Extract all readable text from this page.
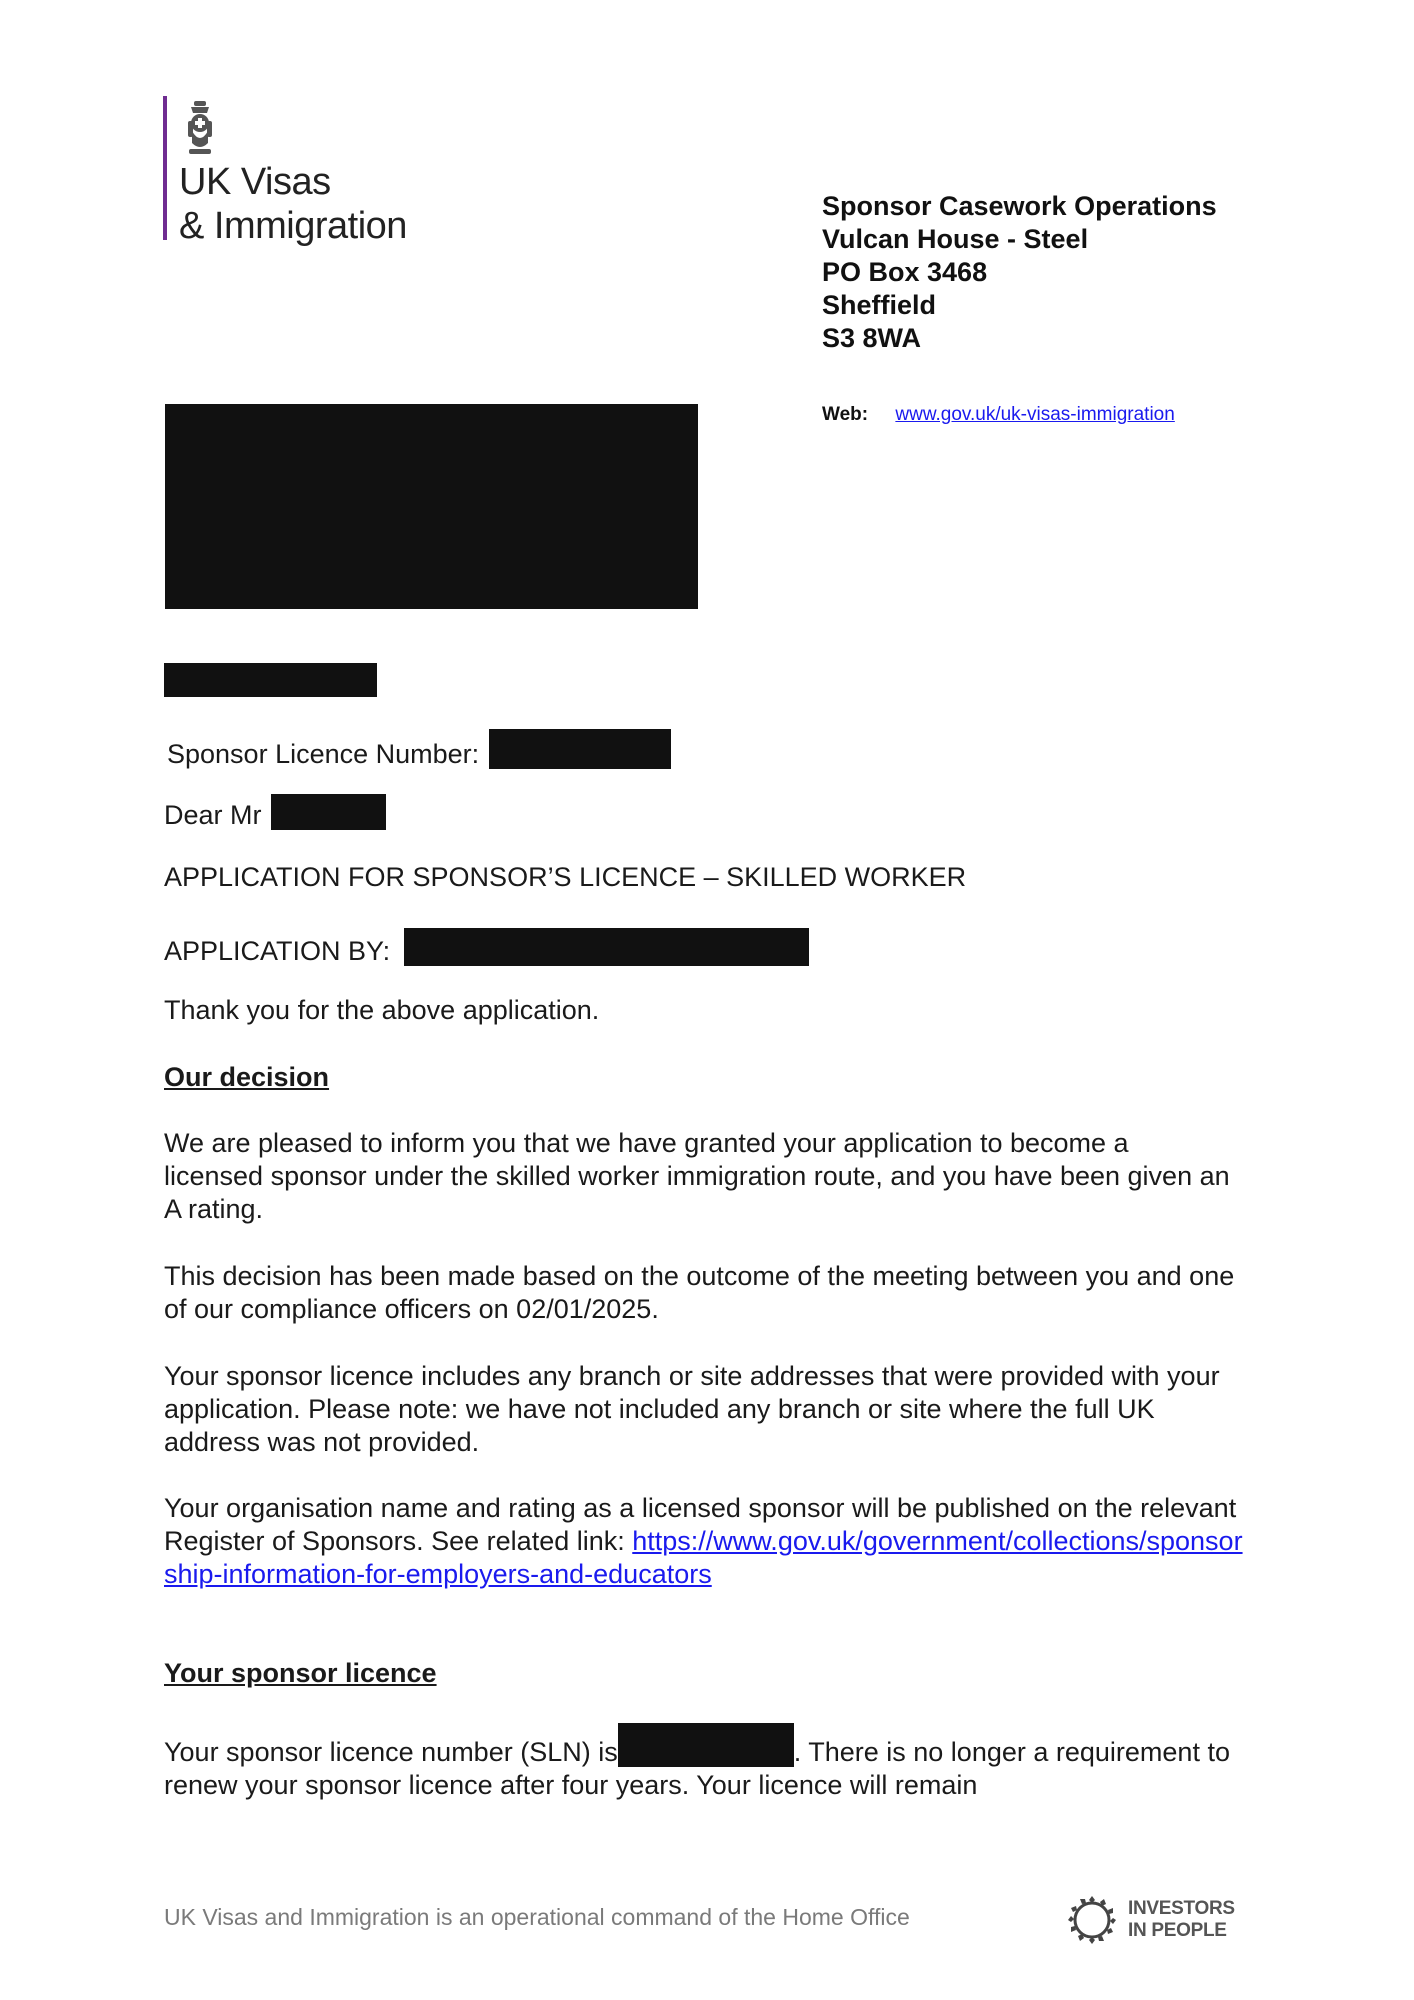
UK Visas
& Immigration	Sponsor Casework Operations
Vulcan House - Steel
PO Box 3468
Sheffield
S3 8WA
Web: www.gov.uk/uk-visas-immigration
Sponsor Licence Number:
Dear Mr
APPLICATION FOR SPONSOR’S LICENCE – SKILLED WORKER
APPLICATION BY:
Thank you for the above application.
Our decision
We are pleased to inform you that we have granted your application to become a licensed sponsor under the skilled worker immigration route, and you have been given an A rating.
This decision has been made based on the outcome of the meeting between you and one of our compliance officers on 02/01/2025.
Your sponsor licence includes any branch or site addresses that were provided with your application. Please note: we have not included any branch or site where the full UK address was not provided.
Your organisation name and rating as a licensed sponsor will be published on the relevant Register of Sponsors. See related link: https://www.gov.uk/government/collections/sponsorship-information-for-employers-and-educators
Your sponsor licence
Your sponsor licence number (SLN) is	. There is no longer a requirement to renew your sponsor licence after four years. Your licence will remain
UK Visas and Immigration is an operational command of the Home Office	INVESTORS
IN PEOPLE
